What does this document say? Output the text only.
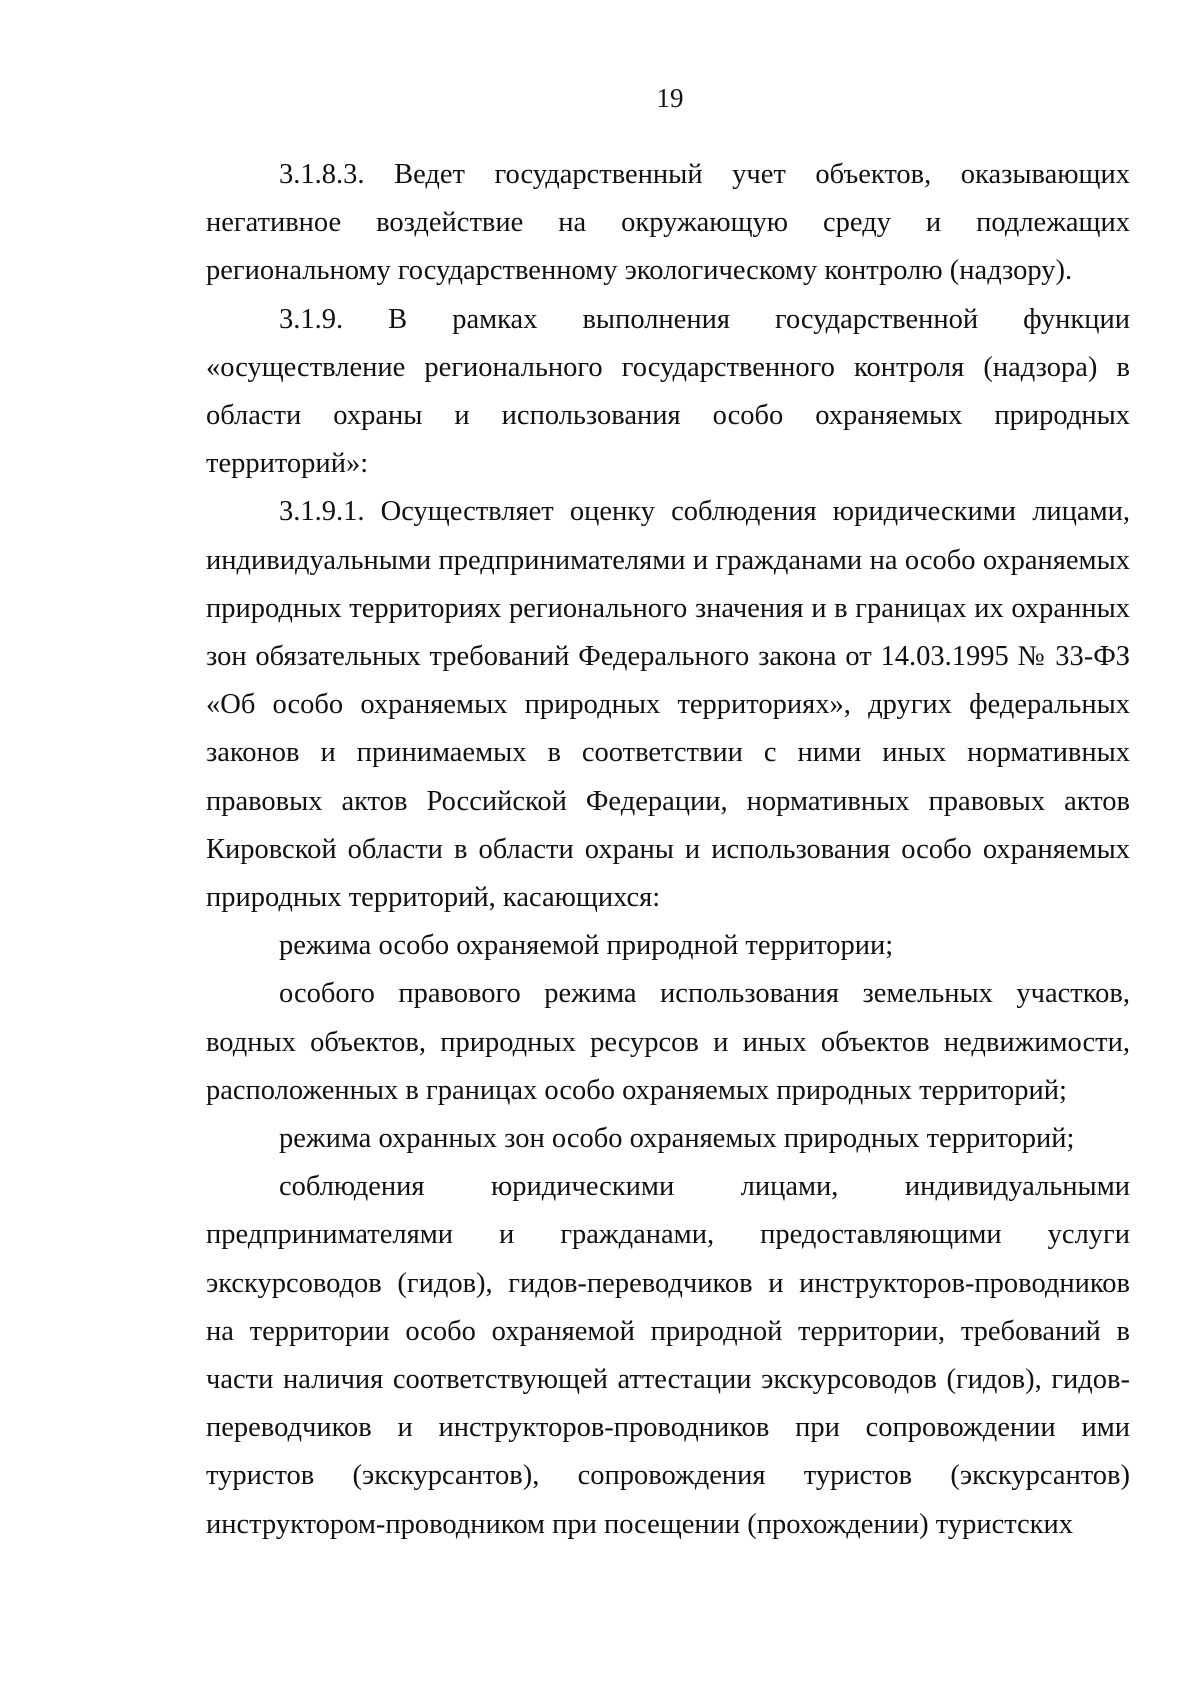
19

3.1.8.3. Ведет государственный учет объектов, оказывающих негативное воздействие на окружающую среду и подлежащих региональному государственному экологическому контролю (надзору).

3.1.9. В рамках выполнения государственной функции «осуществление регионального государственного контроля (надзора) в области охраны и использования особо охраняемых природных территорий»:

3.1.9.1. Осуществляет оценку соблюдения юридическими лицами, индивидуальными предпринимателями и гражданами на особо охраняемых природных территориях регионального значения и в границах их охранных зон обязательных требований Федерального закона от 14.03.1995 № 33-ФЗ «Об особо охраняемых природных территориях», других федеральных законов и принимаемых в соответствии с ними иных нормативных правовых актов Российской Федерации, нормативных правовых актов Кировской области в области охраны и использования особо охраняемых природных территорий, касающихся:

режима особо охраняемой природной территории;

особого правового режима использования земельных участков, водных объектов, природных ресурсов и иных объектов недвижимости, расположенных в границах особо охраняемых природных территорий;

режима охранных зон особо охраняемых природных территорий;

соблюдения юридическими лицами, индивидуальными предпринимателями и гражданами, предоставляющими услуги экскурсоводов (гидов), гидов-переводчиков и инструкторов-проводников на территории особо охраняемой природной территории, требований в части наличия соответствующей аттестации экскурсоводов (гидов), гидов-переводчиков и инструкторов-проводников при сопровождении ими туристов (экскурсантов), сопровождения туристов (экскурсантов) инструктором-проводником при посещении (прохождении) туристских
